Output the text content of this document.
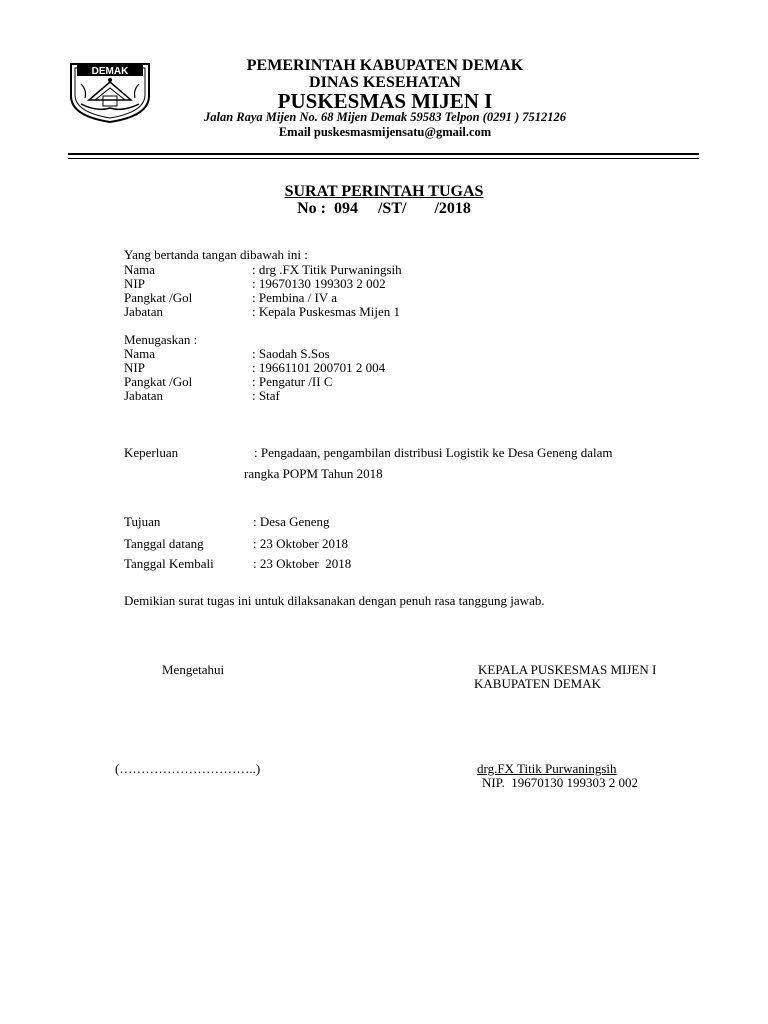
DEMAK	PEMERINTAH KABUPATEN DEMAK
DINAS KESEHATAN
PUSKESMAS MIJEN I
Jalan Raya Mijen No. 68 Mijen Demak 59583 Telpon (0291 ) 7512126
Email puskesmasmijensatu@gmail.com
SURAT PERINTAH TUGAS
No :  094     /ST/       /2018
Yang bertanda tangan dibawah ini :
Nama	: drg .FX Titik Purwaningsih
NIP	: 19670130 199303 2 002
Pangkat /Gol	: Pembina / IV a
Jabatan	: Kepala Puskesmas Mijen 1
Menugaskan :
Nama	: Saodah S.Sos
NIP	: 19661101 200701 2 004
Pangkat /Gol	: Pengatur /II C
Jabatan	: Staf
Keperluan	: Pengadaan, pengambilan distribusi Logistik ke Desa Geneng dalam
rangka POPM Tahun 2018
Tujuan	: Desa Geneng
Tanggal datang	: 23 Oktober 2018
Tanggal Kembali	: 23 Oktober  2018
Demikian surat tugas ini untuk dilaksanakan dengan penuh rasa tanggung jawab.
Mengetahui	KEPALA PUSKESMAS MIJEN I
KABUPATEN DEMAK
(…………………………..)	drg.FX Titik Purwaningsih
NIP.  19670130 199303 2 002
